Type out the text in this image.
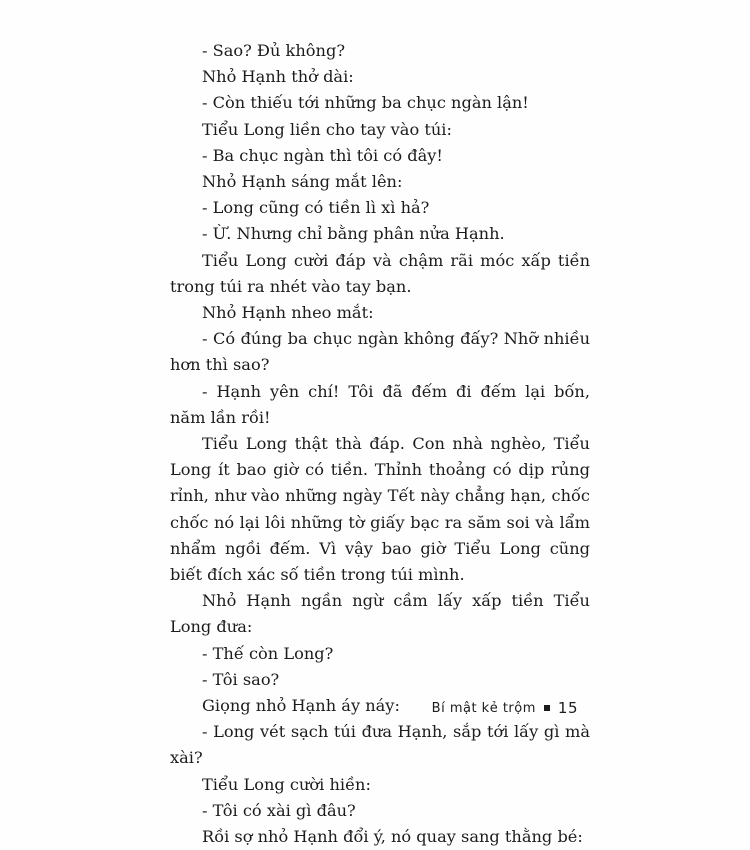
- Sao? Đủ không?

Nhỏ Hạnh thở dài:

- Còn thiếu tới những ba chục ngàn lận!

Tiểu Long liền cho tay vào túi:

- Ba chục ngàn thì tôi có đây!

Nhỏ Hạnh sáng mắt lên:

- Long cũng có tiền lì xì hả?

- Ừ. Nhưng chỉ bằng phân nửa Hạnh.

Tiểu Long cười đáp và chậm rãi móc xấp tiền trong túi ra nhét vào tay bạn.

Nhỏ Hạnh nheo mắt:

- Có đúng ba chục ngàn không đấy? Nhỡ nhiều hơn thì sao?

- Hạnh yên chí! Tôi đã đếm đi đếm lại bốn, năm lần rồi!

Tiểu Long thật thà đáp. Con nhà nghèo, Tiểu Long ít bao giờ có tiền. Thỉnh thoảng có dịp rủng rỉnh, như vào những ngày Tết này chẳng hạn, chốc chốc nó lại lôi những tờ giấy bạc ra săm soi và lẩm nhẩm ngồi đếm. Vì vậy bao giờ Tiểu Long cũng biết đích xác số tiền trong túi mình.

Nhỏ Hạnh ngần ngừ cầm lấy xấp tiền Tiểu Long đưa:

- Thế còn Long?

- Tôi sao?

Giọng nhỏ Hạnh áy náy:

- Long vét sạch túi đưa Hạnh, sắp tới lấy gì mà xài?

Tiểu Long cười hiền:

- Tôi có xài gì đâu?

Rồi sợ nhỏ Hạnh đổi ý, nó quay sang thằng bé:

Bí mật kẻ trộm 15
